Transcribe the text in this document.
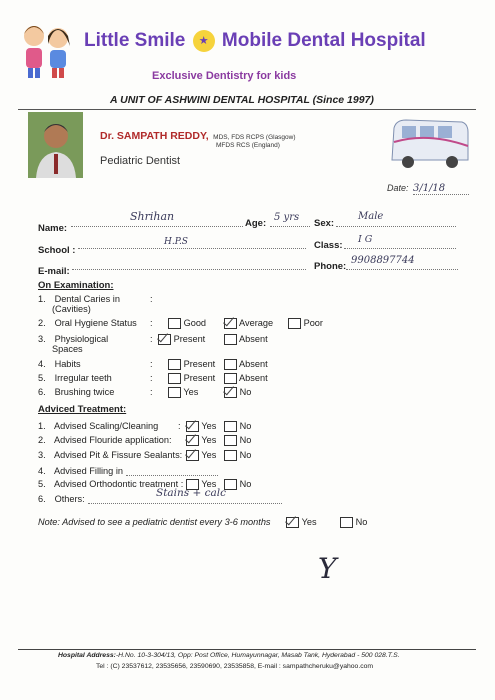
Little Smile ★ Mobile Dental Hospital
Exclusive Dentistry for kids
A UNIT OF ASHWINI DENTAL HOSPITAL (Since 1997)
Dr. SAMPATH REDDY, MDS, FDS RCPS (Glasgow)
MFDS RCS (England)
Pediatric Dentist
Date: 3/1/18
Name:
Shrihan
Age:
5 yrs
Sex:
Male
School :
H.P.S	Class:
I G
E-mail:	Phone:
9908897744
On Examination:
1. Dental Caries in	:
(Cavities)
2. Oral Hygiene Status :	Good	Average	Poor
3. Physiological	:	Present	Absent
Spaces
4. Habits	:	Present	Absent
5. Irregular teeth	:	Present	Absent
6. Brushing twice	:	Yes	No
Adviced Treatment:
1. Advised Scaling/Cleaning :	Yes	No
2. Advised Flouride application:	Yes	No
3. Advised Pit & Fissure Sealants:	Yes	No
4. Advised Filling in
5. Advised Orthodontic treatment :	Yes	No
6. Others:	Stains + calc
Note: Advised to see a pediatric dentist every 3-6 months	Yes	No
Y
Hospital Address:-H.No. 10-3-304/13, Opp: Post Office, Humayunnagar, Masab Tank, Hyderabad - 500 028.T.S.
Tel : (C) 23537612, 23535656, 23590690, 23535858, E-mail : sampathcheruku@yahoo.com
